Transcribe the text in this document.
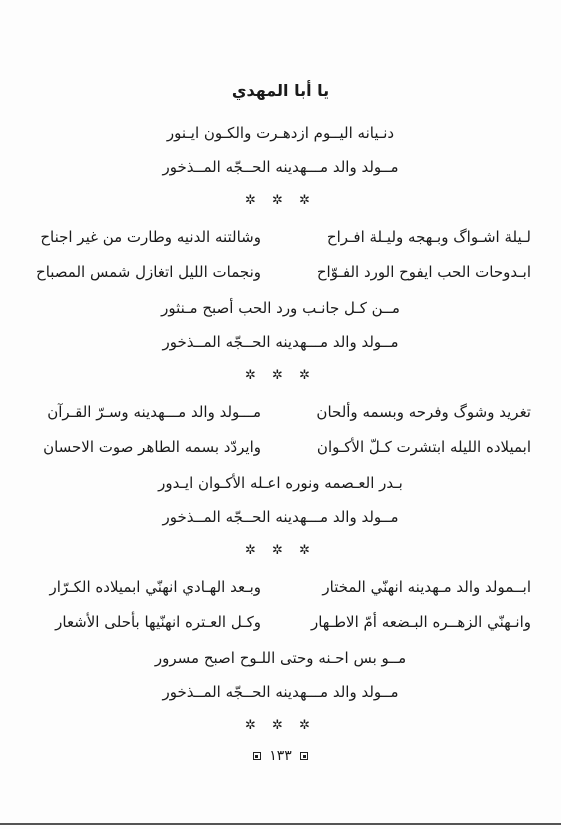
يا أبا المهدي
دنـيانه اليــوم ازدهـرت والكـون ايـنور
مــولد والد مـــهدينه الحــجّه المــذخور
✲ ✲ ✲
لـيلة اشـواگ وبـهجه وليـلة افـراح
وشالتنه الدنيه وطارت من غير اجناح
ابـدوحات الحب ايفوح الورد الفـوّاح
ونجمات الليل اتغازل شمس المصباح
مــن كـل جانـب ورد الحب أصبح مـنثور
مــولد والد مـــهدينه الحــجّه المــذخور
✲ ✲ ✲
تغريد وشوگ وفرحه وبسمه وألحان
مـــولد والد مـــهدينه وسـرّ القـرآن
ابميلاده الليله ابتشرت كـلّ الأكـوان
وايردّد بسمه الطاهر صوت الاحسان
بـدر العـصمه ونوره اعـله الأكـوان ايـدور
مــولد والد مـــهدينه الحــجّه المــذخور
✲ ✲ ✲
ابــمولد والد مـهدينه انهنّي المختار
وبـعد الهـادي انهنّي ابميلاده الكـرّار
وانـهنّي الزهــره البـضعه أمّ الاطـهار
وكـل العـتره انهنّيها بأحلى الأشعار
مــو بس احـنه وحتى اللـوح اصبح مسرور
مــولد والد مـــهدينه الحــجّه المــذخور
✲ ✲ ✲
١٣٣
